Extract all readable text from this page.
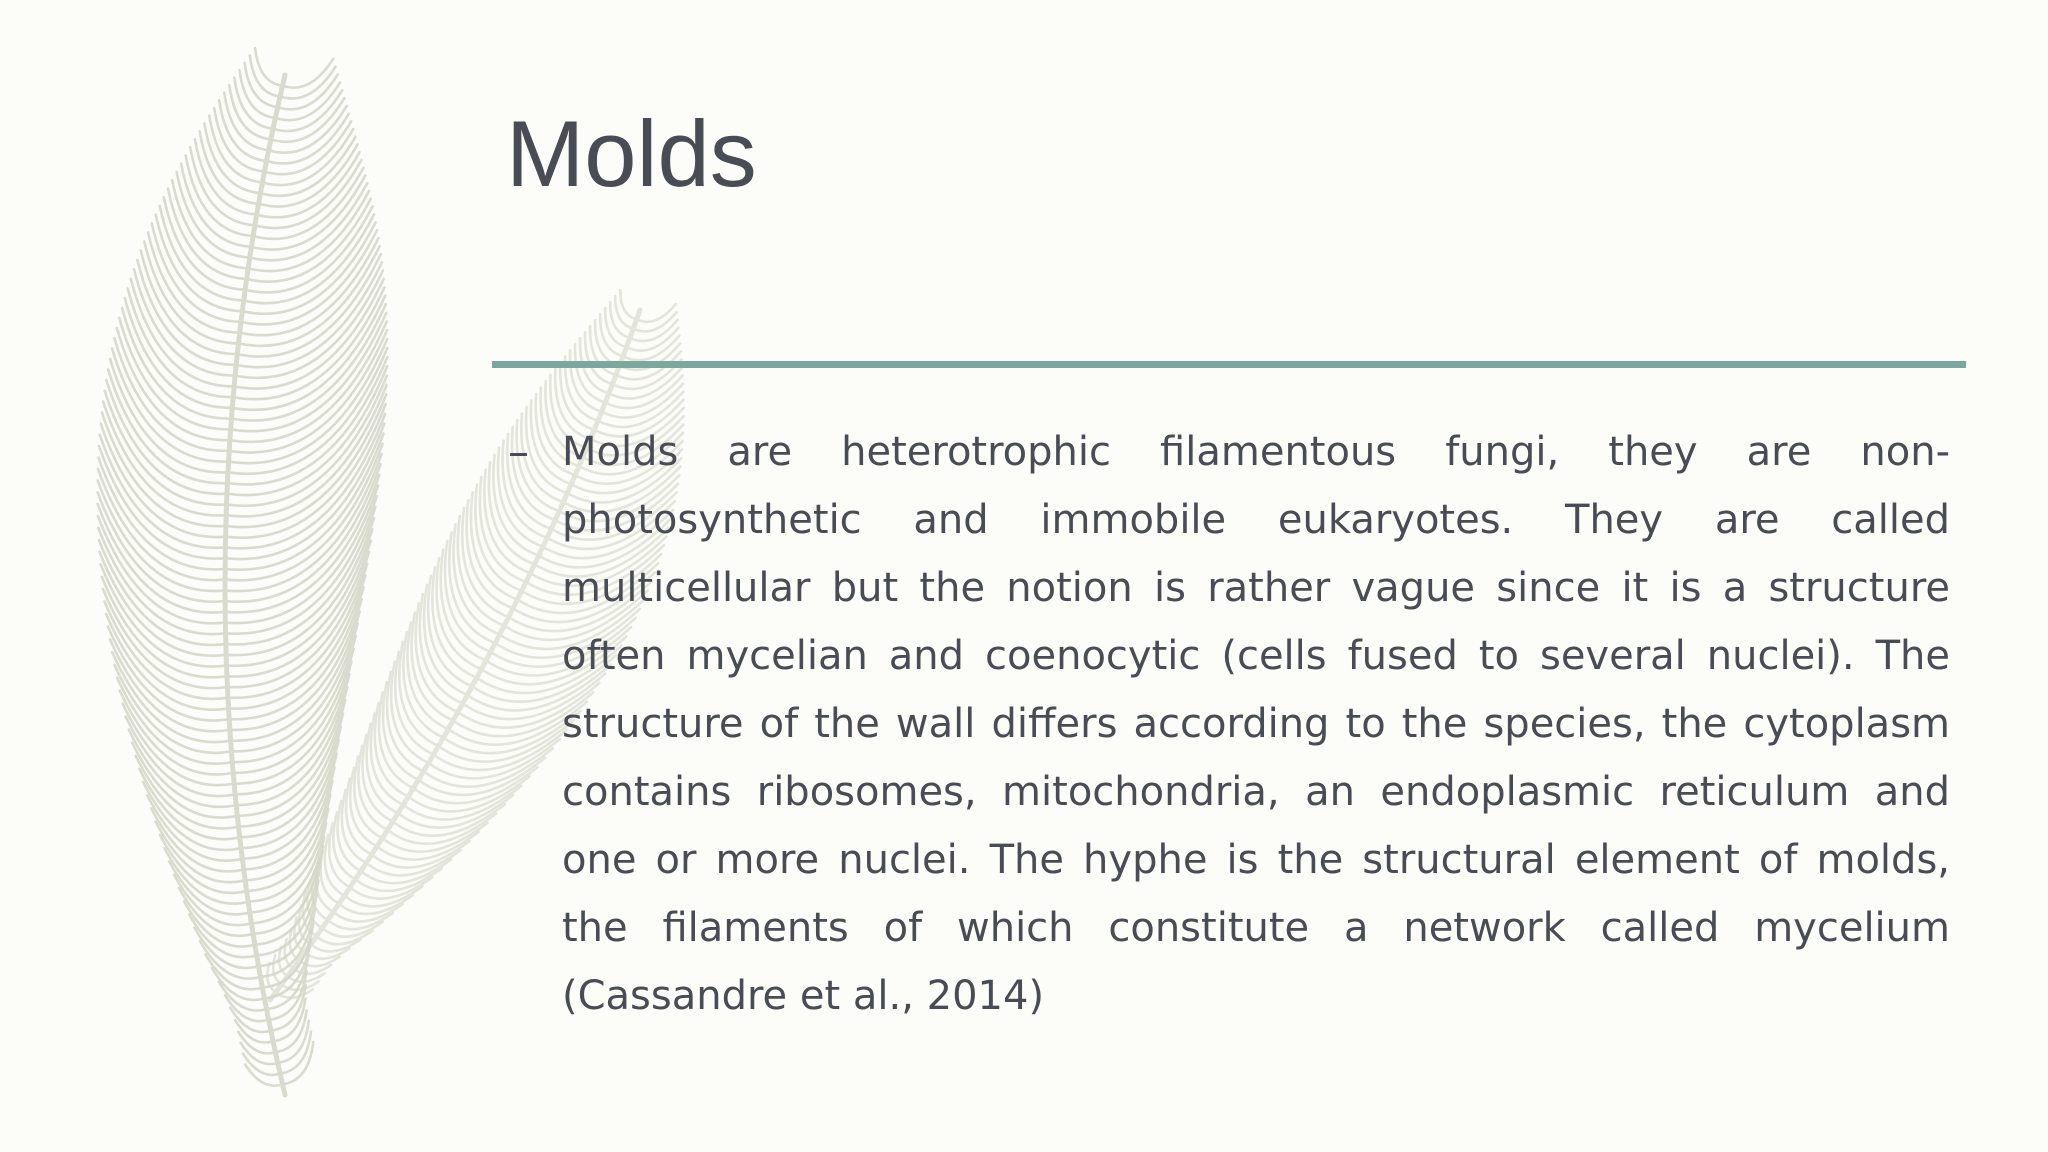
Molds
– Molds are heterotrophic filamentous fungi, they are non-photosynthetic and immobile eukaryotes. They are called multicellular but the notion is rather vague since it is a structure often mycelian and coenocytic (cells fused to several nuclei). The structure of the wall differs according to the species, the cytoplasm contains ribosomes, mitochondria, an endoplasmic reticulum and one or more nuclei. The hyphe is the structural element of molds, the filaments of which constitute a network called mycelium (Cassandre et al., 2014)
